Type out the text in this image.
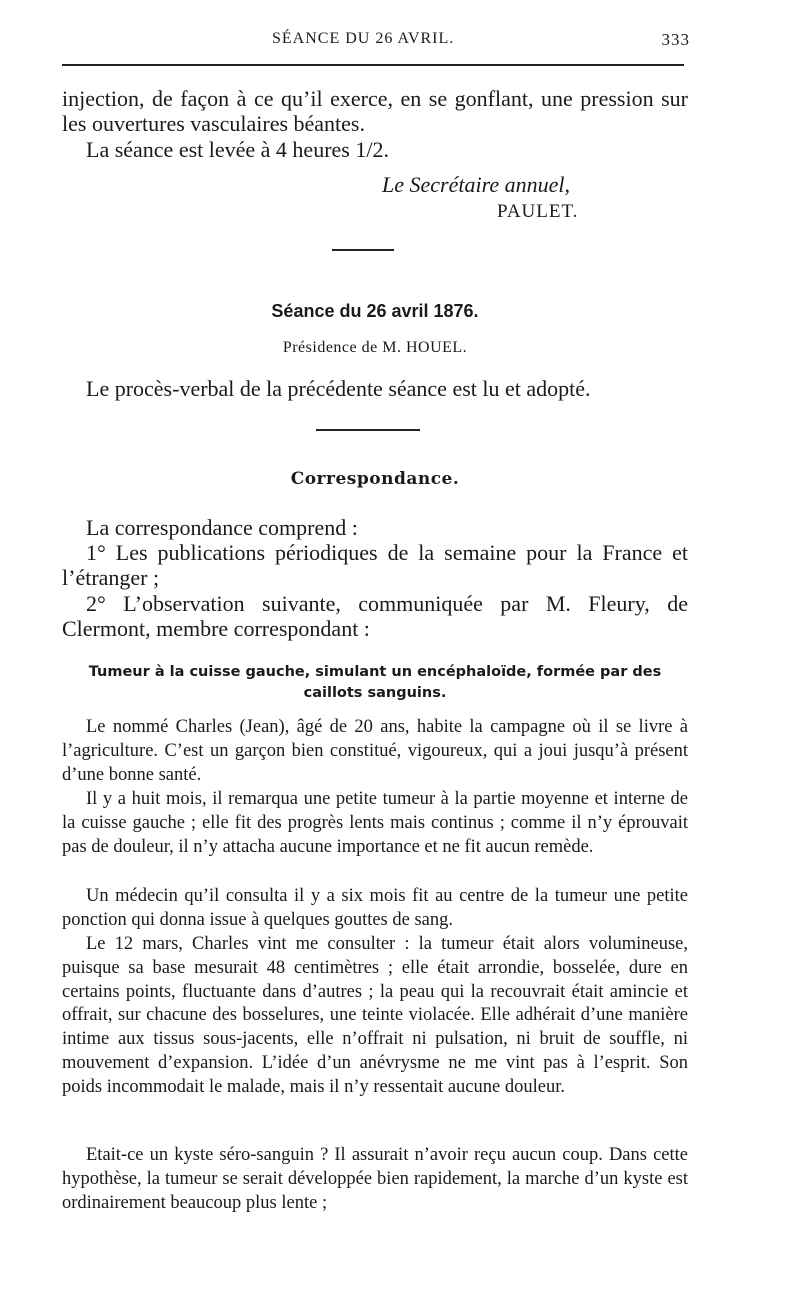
SÉANCE DU 26 AVRIL.	333

injection, de façon à ce qu’il exerce, en se gonflant, une pression sur les ouvertures vasculaires béantes.

La séance est levée à 4 heures 1/2.

Le Secrétaire annuel,
PAULET.
Séance du 26 avril 1876.
Présidence de M. HOUEL.

Le procès-verbal de la précédente séance est lu et adopté.

Correspondance.

La correspondance comprend :

1° Les publications périodiques de la semaine pour la France et l’étranger ;

2° L’observation suivante, communiquée par M. Fleury, de Clermont, membre correspondant :

Tumeur à la cuisse gauche, simulant un encéphaloïde, formée par des caillots sanguins.

Le nommé Charles (Jean), âgé de 20 ans, habite la campagne où il se livre à l’agriculture. C’est un garçon bien constitué, vigoureux, qui a joui jusqu’à présent d’une bonne santé.

Il y a huit mois, il remarqua une petite tumeur à la partie moyenne et interne de la cuisse gauche ; elle fit des progrès lents mais continus ; comme il n’y éprouvait pas de douleur, il n’y attacha aucune importance et ne fit aucun remède.

Un médecin qu’il consulta il y a six mois fit au centre de la tumeur une petite ponction qui donna issue à quelques gouttes de sang.

Le 12 mars, Charles vint me consulter : la tumeur était alors volumineuse, puisque sa base mesurait 48 centimètres ; elle était arrondie, bosselée, dure en certains points, fluctuante dans d’autres ; la peau qui la recouvrait était amincie et offrait, sur chacune des bosselures, une teinte violacée. Elle adhérait d’une manière intime aux tissus sous-jacents, elle n’offrait ni pulsation, ni bruit de souffle, ni mouvement d’expansion. L’idée d’un anévrysme ne me vint pas à l’esprit. Son poids incommodait le malade, mais il n’y ressentait aucune douleur.

Etait-ce un kyste séro-sanguin ? Il assurait n’avoir reçu aucun coup. Dans cette hypothèse, la tumeur se serait développée bien rapidement, la marche d’un kyste est ordinairement beaucoup plus lente ;
